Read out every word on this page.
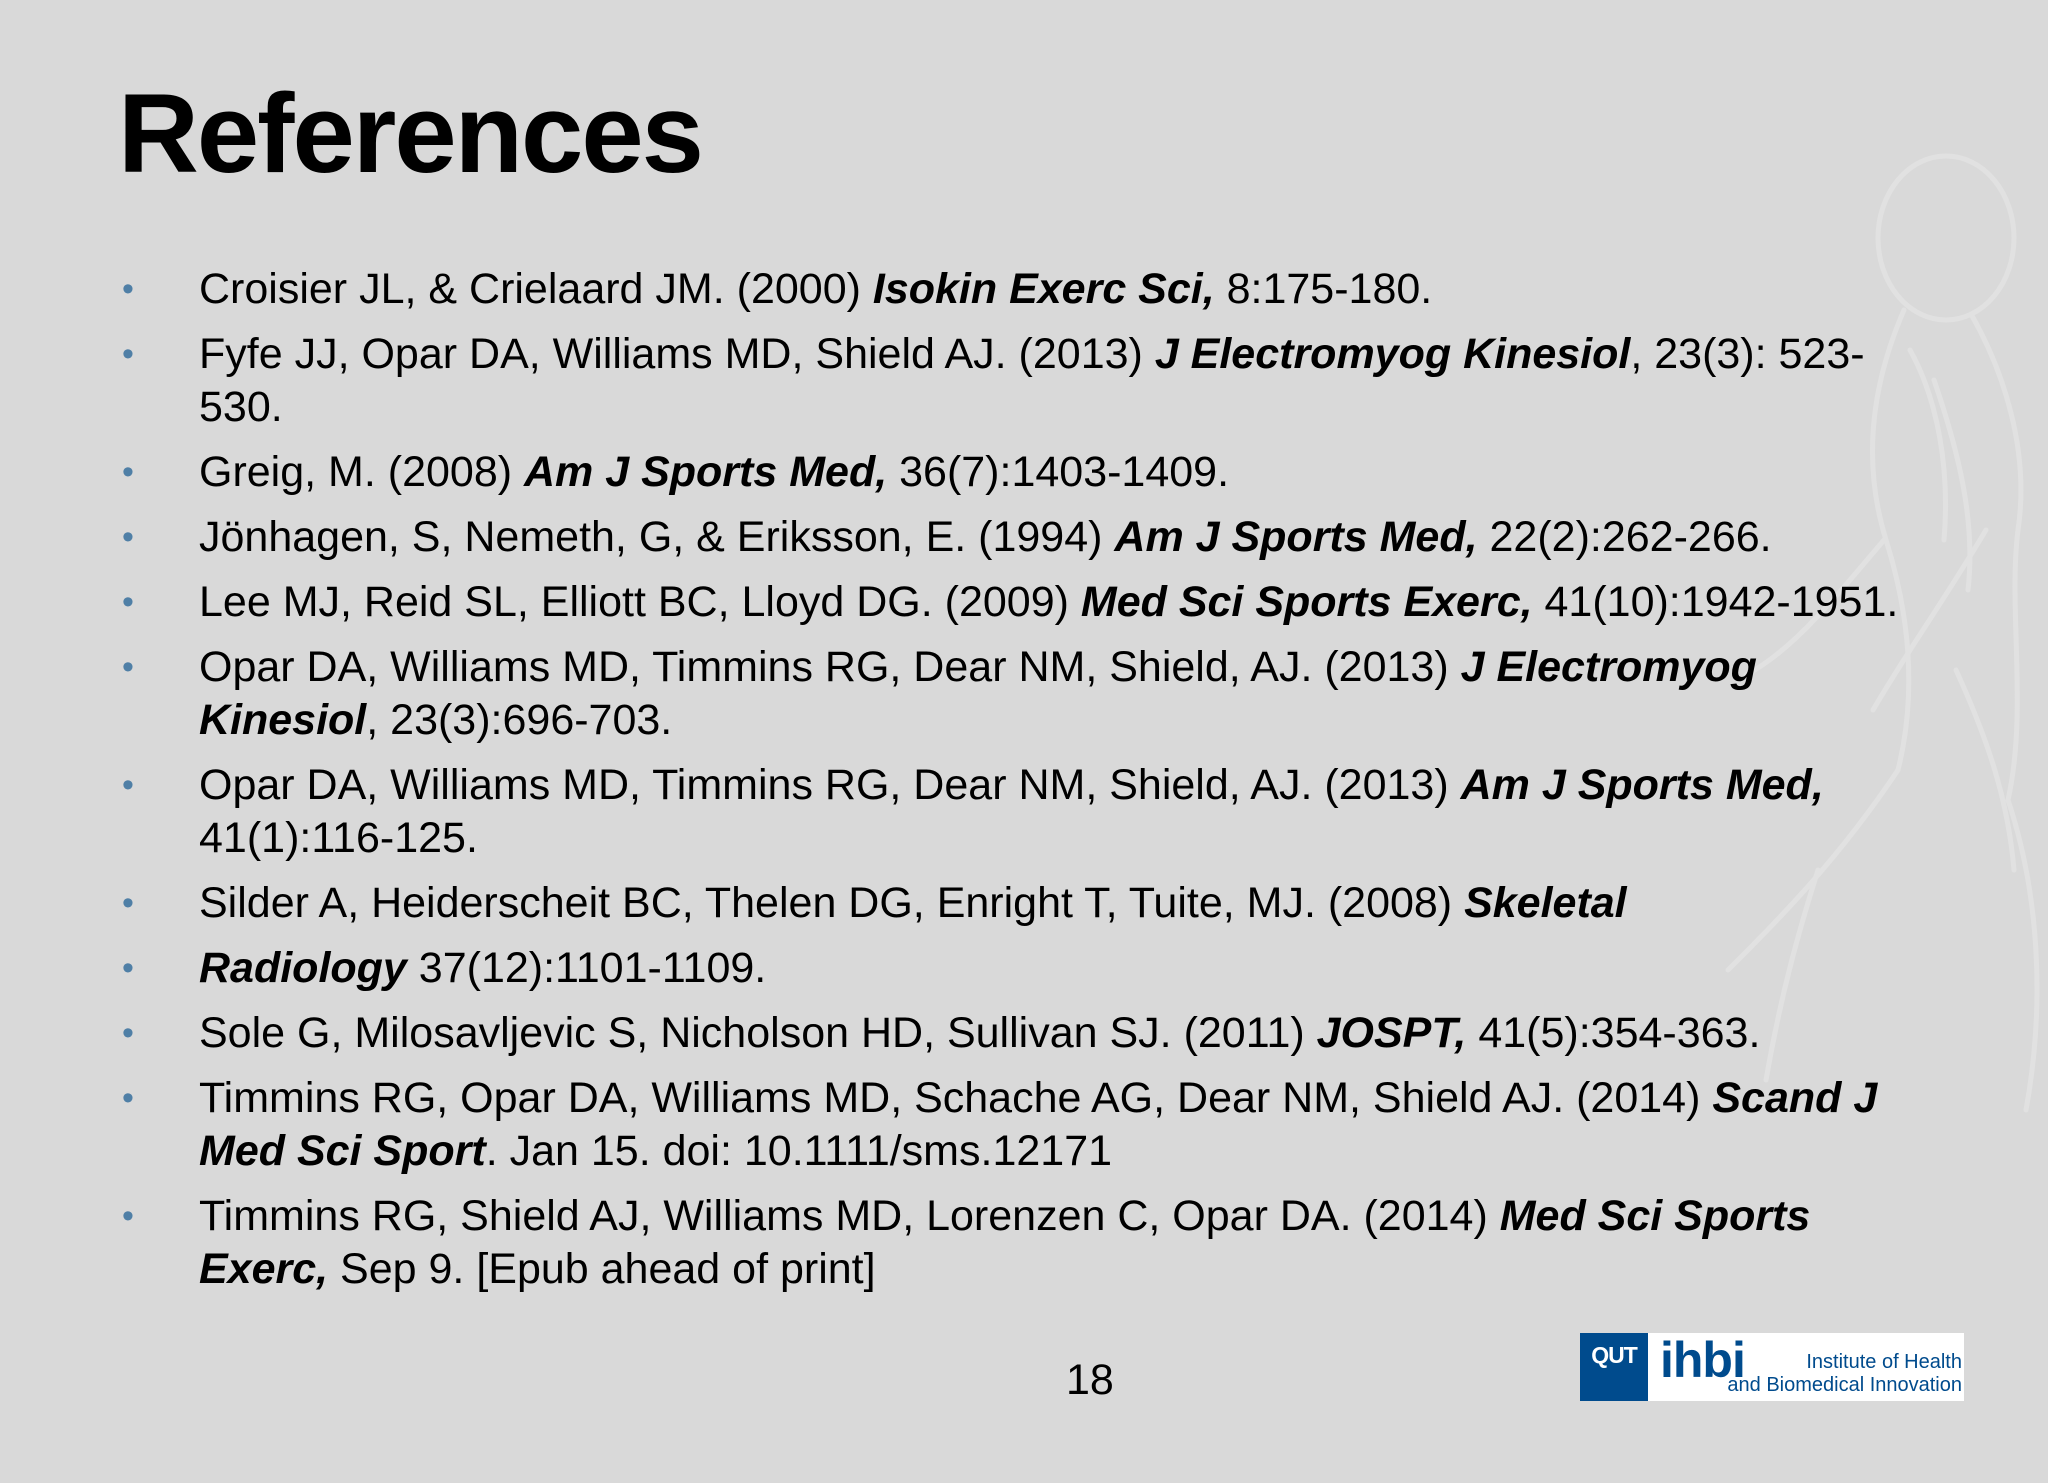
References
• Croisier JL, & Crielaard JM. (2000) Isokin Exerc Sci, 8:175-180.
• Fyfe JJ, Opar DA, Williams MD, Shield AJ. (2013) J Electromyog Kinesiol, 23(3): 523-530.
• Greig, M. (2008) Am J Sports Med, 36(7):1403-1409.
• Jönhagen, S, Nemeth, G, & Eriksson, E. (1994) Am J Sports Med, 22(2):262-266.
• Lee MJ, Reid SL, Elliott BC, Lloyd DG. (2009) Med Sci Sports Exerc, 41(10):1942-1951.
• Opar DA, Williams MD, Timmins RG, Dear NM, Shield, AJ. (2013) J Electromyog Kinesiol, 23(3):696-703.
• Opar DA, Williams MD, Timmins RG, Dear NM, Shield, AJ. (2013) Am J Sports Med, 41(1):116-125.
• Silder A, Heiderscheit BC, Thelen DG, Enright T, Tuite, MJ. (2008) Skeletal
• Radiology 37(12):1101-1109.
• Sole G, Milosavljevic S, Nicholson HD, Sullivan SJ. (2011) JOSPT, 41(5):354-363.
• Timmins RG, Opar DA, Williams MD, Schache AG, Dear NM, Shield AJ. (2014) Scand J Med Sci Sport. Jan 15. doi: 10.1111/sms.12171
• Timmins RG, Shield AJ, Williams MD, Lorenzen C, Opar DA. (2014) Med Sci Sports Exerc, Sep 9. [Epub ahead of print]
18
QUT ihbi	Institute of Health
and Biomedical Innovation
